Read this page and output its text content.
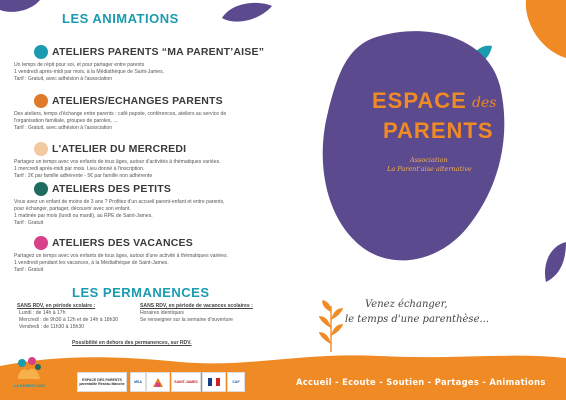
LES ANIMATIONS
ATELIERS PARENTS “MA PARENT’AISE”
Un temps de répit pour soi, et pour partager entre parents
1 vendredi après-midi par mois, à la Médiathèque de Saint-James.
Tarif : Gratuit, avec adhésion à l'association
ATELIERS/ECHANGES PARENTS
Des ateliers, temps d'échange entre parents : café papote, conférences, ateliers au service de
l'organisation familiale, groupes de paroles, ...
Tarif : Gratuit, avec adhésion à l'association
L'ATELIER DU MERCREDI
Partagez un temps avec vos enfants de tous âges, autour d'activités à thématiques variées.
1 mercredi après-midi par mois. Lieu donné à l'inscription.
Tarif : 2€ par famille adhérente - 5€ par famille non adhérente
ATELIERS DES PETITS
Vous avez un enfant de moins de 3 ans ? Profitez d'un accueil parent-enfant et entre parents,
pour échanger, partager, découvrir avec son enfant.
1 matinée par mois (lundi ou mardi), au RPE de Saint-James.
Tarif : Gratuit
ATELIERS DES VACANCES
Partagez un temps avec vos enfants de tous âges, autour d'une activité à thématiques variées.
1 vendredi pendant les vacances, à la Médiathèque de Saint-James.
Tarif : Gratuit
LES PERMANENCES
SANS RDV, en période scolaire :
Lundi : de 14h à 17h
Mercredi : de 9h30 à 12h et de 14h à 18h30
Vendredi : de 11h30 à 15h30
SANS RDV, en période de vacances scolaires :
Horaires identiques
Se renseigner sur la semaine d'ouverture
Possibilité en dehors des permanences, sur RDV.
ESPACE des
PARENTS
Association
La Parent'aise alternative
Venez échanger,
le temps d'une parenthèse...
Accueil - Ecoute - Soutien - Partages - Animations
LA PARENT'AISE
ESPACE DES PARENTS parentalité Réseau Manche	MSA	SAINT-JAMES	CAF
